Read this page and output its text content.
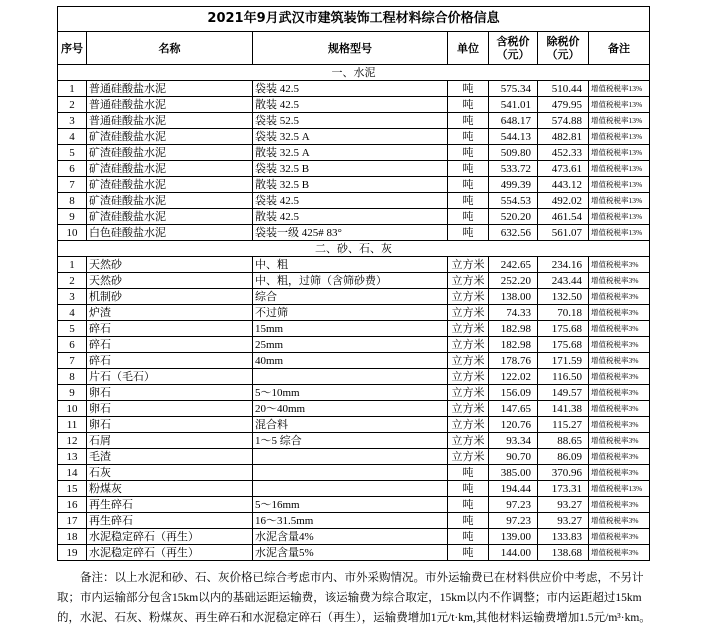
2021年9月武汉市建筑装饰工程材料综合价格信息						
序号	名称	规格型号	单位	含税价（元）	除税价（元）	备注
一、水泥						
1	普通硅酸盐水泥	袋装 42.5	吨	575.34	510.44	增值税税率13%
2	普通硅酸盐水泥	散装 42.5	吨	541.01	479.95	增值税税率13%
3	普通硅酸盐水泥	袋装 52.5	吨	648.17	574.88	增值税税率13%
4	矿渣硅酸盐水泥	袋装 32.5 A	吨	544.13	482.81	增值税税率13%
5	矿渣硅酸盐水泥	散装 32.5 A	吨	509.80	452.33	增值税税率13%
6	矿渣硅酸盐水泥	袋装 32.5 B	吨	533.72	473.61	增值税税率13%
7	矿渣硅酸盐水泥	散装 32.5 B	吨	499.39	443.12	增值税税率13%
8	矿渣硅酸盐水泥	袋装 42.5	吨	554.53	492.02	增值税税率13%
9	矿渣硅酸盐水泥	散装 42.5	吨	520.20	461.54	增值税税率13%
10	白色硅酸盐水泥	袋装一级 425# 83°	吨	632.56	561.07	增值税税率13%
二、砂、石、灰						
1	天然砂	中、粗	立方米	242.65	234.16	增值税税率3%
2	天然砂	中、粗，过筛（含筛砂费）	立方米	252.20	243.44	增值税税率3%
3	机制砂	综合	立方米	138.00	132.50	增值税税率3%
4	炉渣	不过筛	立方米	74.33	70.18	增值税税率3%
5	碎石	15mm	立方米	182.98	175.68	增值税税率3%
6	碎石	25mm	立方米	182.98	175.68	增值税税率3%
7	碎石	40mm	立方米	178.76	171.59	增值税税率3%
8	片石（毛石）		立方米	122.02	116.50	增值税税率3%
9	卵石	5～10mm	立方米	156.09	149.57	增值税税率3%
10	卵石	20～40mm	立方米	147.65	141.38	增值税税率3%
11	卵石	混合料	立方米	120.76	115.27	增值税税率3%
12	石屑	1～5 综合	立方米	93.34	88.65	增值税税率3%
13	毛渣		立方米	90.70	86.09	增值税税率3%
14	石灰		吨	385.00	370.96	增值税税率3%
15	粉煤灰		吨	194.44	173.31	增值税税率13%
16	再生碎石	5～16mm	吨	97.23	93.27	增值税税率3%
17	再生碎石	16～31.5mm	吨	97.23	93.27	增值税税率3%
18	水泥稳定碎石（再生）	水泥含量4%	吨	139.00	133.83	增值税税率3%
19	水泥稳定碎石（再生）	水泥含量5%	吨	144.00	138.68	增值税税率3%
备注：以上水泥和砂、石、灰价格已综合考虑市内、市外采购情况。市外运输费已在材料供应价中考虑，不另计取；市内运输部分包含15km以内的基础运距运输费，该运输费为综合取定，15km以内不作调整；市内运距超过15km的，水泥、石灰、粉煤灰、再生碎石和水泥稳定碎石（再生），运输费增加1元/t·km,其他材料运输费增加1.5元/m³·km。
